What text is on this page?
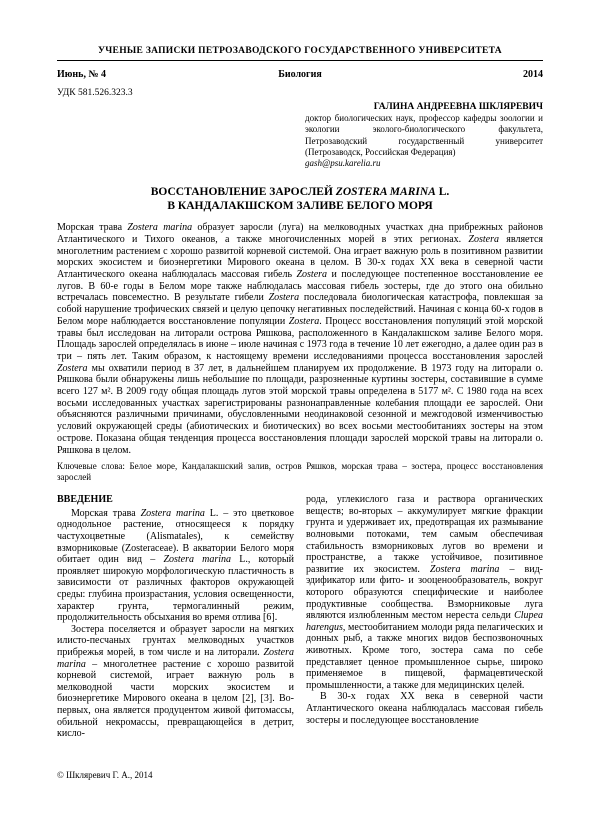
УЧЕНЫЕ ЗАПИСКИ ПЕТРОЗАВОДСКОГО ГОСУДАРСТВЕННОГО УНИВЕРСИТЕТА
Июнь, № 4	Биология	2014
УДК 581.526.323.3
ГАЛИНА АНДРЕЕВНА ШКЛЯРЕВИЧ
доктор биологических наук, профессор кафедры зоологии и экологии эколого-биологического факультета, Петрозаводский государственный университет (Петрозаводск, Российская Федерация)
gash@psu.karelia.ru
ВОССТАНОВЛЕНИЕ ЗАРОСЛЕЙ ZOSTERA MARINA L.
В КАНДАЛАКШСКОМ ЗАЛИВЕ БЕЛОГО МОРЯ

Морская трава Zostera marina образует заросли (луга) на мелководных участках дна прибрежных районов Атлантического и Тихого океанов, а также многочисленных морей в этих регионах. Zostera является многолетним растением с хорошо развитой корневой системой. Она играет важную роль в позитивном развитии морских экосистем и биоэнергетики Мирового океана в целом. В 30-х годах XX века в северной части Атлантического океана наблюдалась массовая гибель Zostera и последующее постепенное восстановление ее лугов. В 60-е годы в Белом море также наблюдалась массовая гибель зостеры, где до этого она обильно встречалась повсеместно. В результате гибели Zostera последовала биологическая катастрофа, повлекшая за собой нарушение трофических связей и целую цепочку негативных последействий. Начиная с конца 60-х годов в Белом море наблюдается восстановление популяции Zostera. Процесс восстановления популяций этой морской травы был исследован на литорали острова Ряшкова, расположенного в Кандалакшском заливе Белого моря. Площадь зарослей определялась в июне – июле начиная с 1973 года в течение 10 лет ежегодно, а далее один раз в три – пять лет. Таким образом, к настоящему времени исследованиями процесса восстановления зарослей Zostera мы охватили период в 37 лет, в дальнейшем планируем их продолжение. В 1973 году на литорали о. Ряшкова были обнаружены лишь небольшие по площади, разрозненные куртины зостеры, составившие в сумме всего 127 м². В 2009 году общая площадь лугов этой морской травы определена в 5177 м². С 1980 года на всех восьми исследованных участках зарегистрированы разнонаправленные колебания площади ее зарослей. Они объясняются различными причинами, обусловленными неодинаковой сезонной и межгодовой изменчивостью условий окружающей среды (абиотических и биотических) во всех восьми местообитаниях зостеры на этом острове. Показана общая тенденция процесса восстановления площади зарослей морской травы на литорали о. Ряшкова в целом.

Ключевые слова: Белое море, Кандалакшский залив, остров Ряшков, морская трава – зостера, процесс восстановления зарослей

ВВЕДЕНИЕ

Морская трава Zostera marina L. – это цветковое однодольное растение, относящееся к порядку частухоцветные (Alismatales), к семейству взморниковые (Zosteraceae). В акватории Белого моря обитает один вид – Zostera marina L., который проявляет широкую морфологическую пластичность в зависимости от различных факторов окружающей среды: глубина произрастания, условия освещенности, характер грунта, термогалинный режим, продолжительность обсыхания во время отлива [6].

Зостера поселяется и образует заросли на мягких илисто-песчаных грунтах мелководных участков прибрежья морей, в том числе и на литорали. Zostera marina – многолетнее растение с хорошо развитой корневой системой, играет важную роль в мелководной части морских экосистем и биоэнергетике Мирового океана в целом [2], [3]. Во-первых, она является продуцентом живой фитомассы, обильной некромассы, превращающейся в детрит, кисло-

рода, углекислого газа и раствора органических веществ; во-вторых – аккумулирует мягкие фракции грунта и удерживает их, предотвращая их размывание волновыми потоками, тем самым обеспечивая стабильность взморниковых лугов во времени и пространстве, а также устойчивое, позитивное развитие их экосистем. Zostera marina – вид-эдификатор или фито- и зооценообразователь, вокруг которого образуются специфические и наиболее продуктивные сообщества. Взморниковые луга являются излюбленным местом нереста сельди Clupea harengus, местообитанием молоди ряда пелагических и донных рыб, а также многих видов беспозвоночных животных. Кроме того, зостера сама по себе представляет ценное промышленное сырье, широко применяемое в пищевой, фармацевтической промышленности, а также для медицинских целей.

В 30-х годах XX века в северной части Атлантического океана наблюдалась массовая гибель зостеры и последующее восстановление

© Шкляревич Г. А., 2014
